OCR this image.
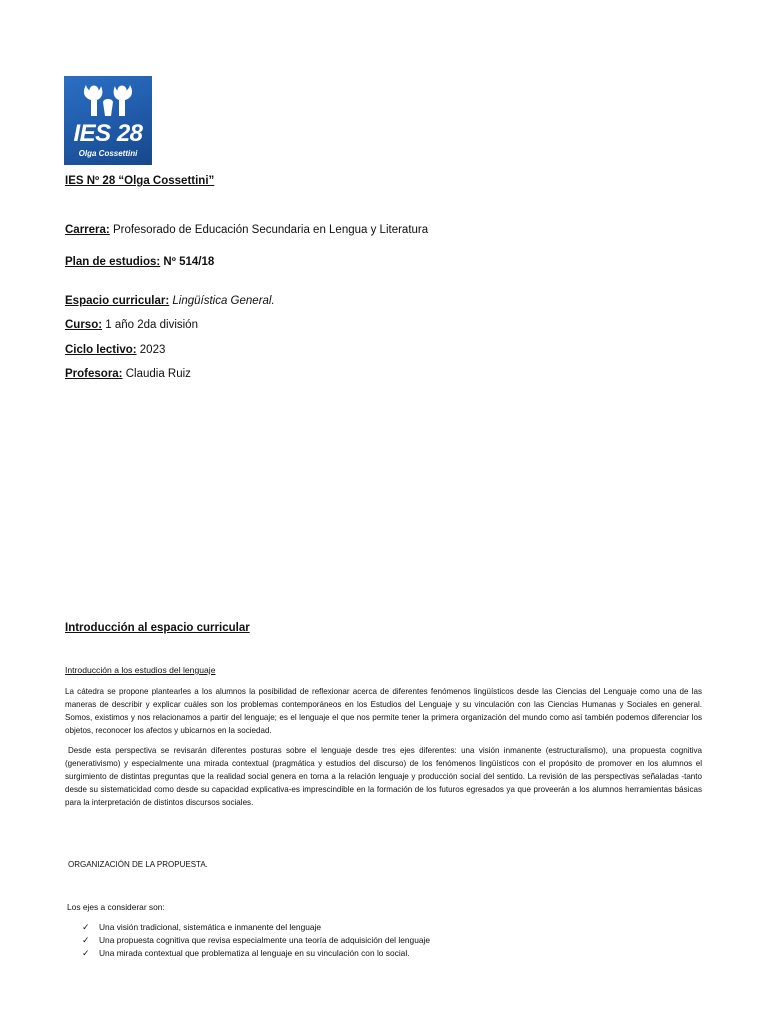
IES 28
Olga Cossettini
IES Nº 28 “Olga Cossettini”
Carrera: Profesorado de Educación Secundaria en Lengua y Literatura
Plan de estudios: Nº 514/18
Espacio curricular: Lingüística General.
Curso: 1 año 2da división
Ciclo lectivo: 2023
Profesora: Claudia Ruiz
Introducción al espacio curricular
Introducción a los estudios del lenguaje
La cátedra se propone plantearles a los alumnos la posibilidad de reflexionar acerca de diferentes fenómenos lingüísticos desde las Ciencias del Lenguaje como una de las maneras de describir y explicar cuáles son los problemas contemporáneos en los Estudios del Lenguaje y su vinculación con las Ciencias Humanas y Sociales en general. Somos, existimos y nos relacionamos a partir del lenguaje; es el lenguaje el que nos permite tener la primera organización del mundo como así también podemos diferenciar los objetos, reconocer los afectos y ubicarnos en la sociedad.
Desde esta perspectiva se revisarán diferentes posturas sobre el lenguaje desde tres ejes diferentes: una visión inmanente (estructuralismo), una propuesta cognitiva (generativismo) y especialmente una mirada contextual (pragmática y estudios del discurso) de los fenómenos lingüísticos con el propósito de promover en los alumnos el surgimiento de distintas preguntas que la realidad social genera en torna a la relación lenguaje y producción social del sentido. La revisión de las perspectivas señaladas -tanto desde su sistematicidad como desde su capacidad explicativa-es imprescindible en la formación de los futuros egresados ya que proveerán a los alumnos herramientas básicas para la interpretación de distintos discursos sociales.
ORGANIZACIÓN DE LA PROPUESTA.
Los ejes a considerar son:
✓ Una visión tradicional, sistemática e inmanente del lenguaje
✓ Una propuesta cognitiva que revisa especialmente una teoría de adquisición del lenguaje
✓ Una mirada contextual que problematiza al lenguaje en su vinculación con lo social.
